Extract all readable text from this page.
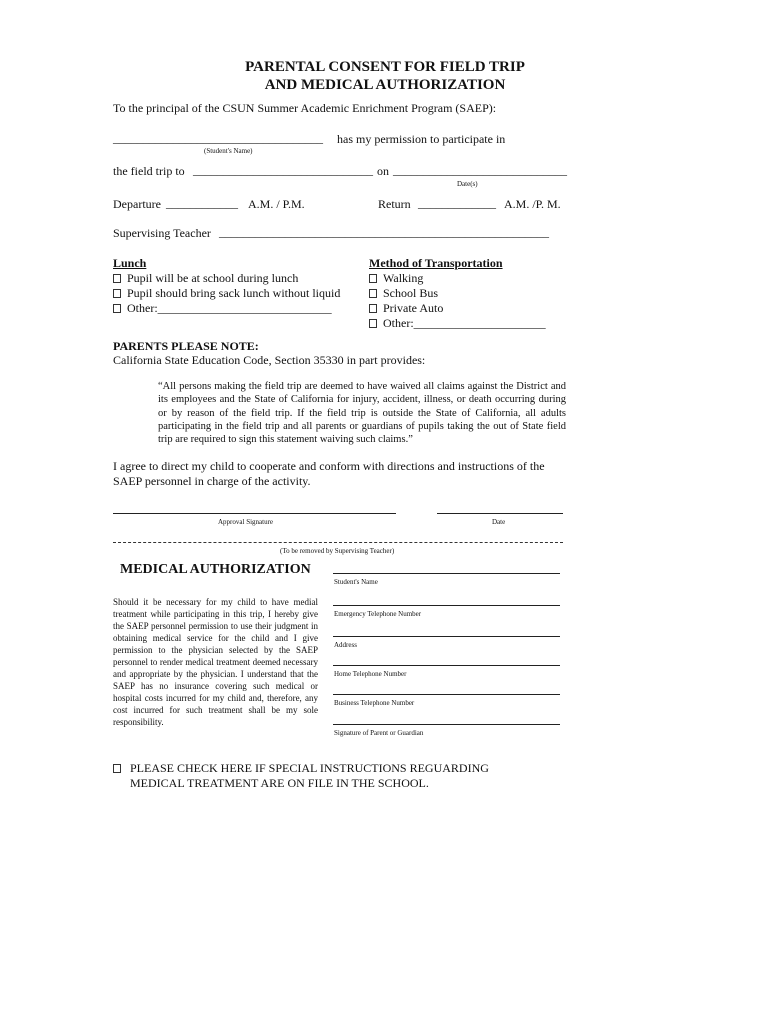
PARENTAL CONSENT FOR FIELD TRIP
AND MEDICAL AUTHORIZATION
To the principal of the CSUN Summer Academic Enrichment Program (SAEP):
___________________________________ has my permission to participate in
(Student's Name)
the field trip to ______________________________ on _____________________________
Date(s)
Departure ____________ A.M. / P.M.	Return _____________ A.M. /P. M.
Supervising Teacher _______________________________________________________
Lunch
Pupil will be at school during lunch
Pupil should bring sack lunch without liquid
Other:_____________________________
Method of Transportation
Walking
School Bus
Private Auto
Other:______________________
PARENTS PLEASE NOTE:
California State Education Code, Section 35330 in part provides:
“All persons making the field trip are deemed to have waived all claims against the District and its employees and the State of California for injury, accident, illness, or death occurring during or by reason of the field trip. If the field trip is outside the State of California, all adults participating in the field trip and all parents or guardians of pupils taking the out of State field trip are required to sign this statement waiving such claims.”
I agree to direct my child to cooperate and conform with directions and instructions of the
SAEP personnel in charge of the activity.
Approval Signature	Date
(To be removed by Supervising Teacher)
MEDICAL AUTHORIZATION
Should it be necessary for my child to have medial treatment while participating in this trip, I hereby give the SAEP personnel permission to use their judgment in obtaining medical service for the child and I give permission to the physician selected by the SAEP personnel to render medical treatment deemed necessary and appropriate by the physician. I understand that the SAEP has no insurance covering such medical or hospital costs incurred for my child and, therefore, any cost incurred for such treatment shall be my sole responsibility.
Student's Name
Emergency Telephone Number
Address
Home Telephone Number
Business Telephone Number
Signature of Parent or Guardian
PLEASE CHECK HERE IF SPECIAL INSTRUCTIONS REGUARDING
MEDICAL TREATMENT ARE ON FILE IN THE SCHOOL.
